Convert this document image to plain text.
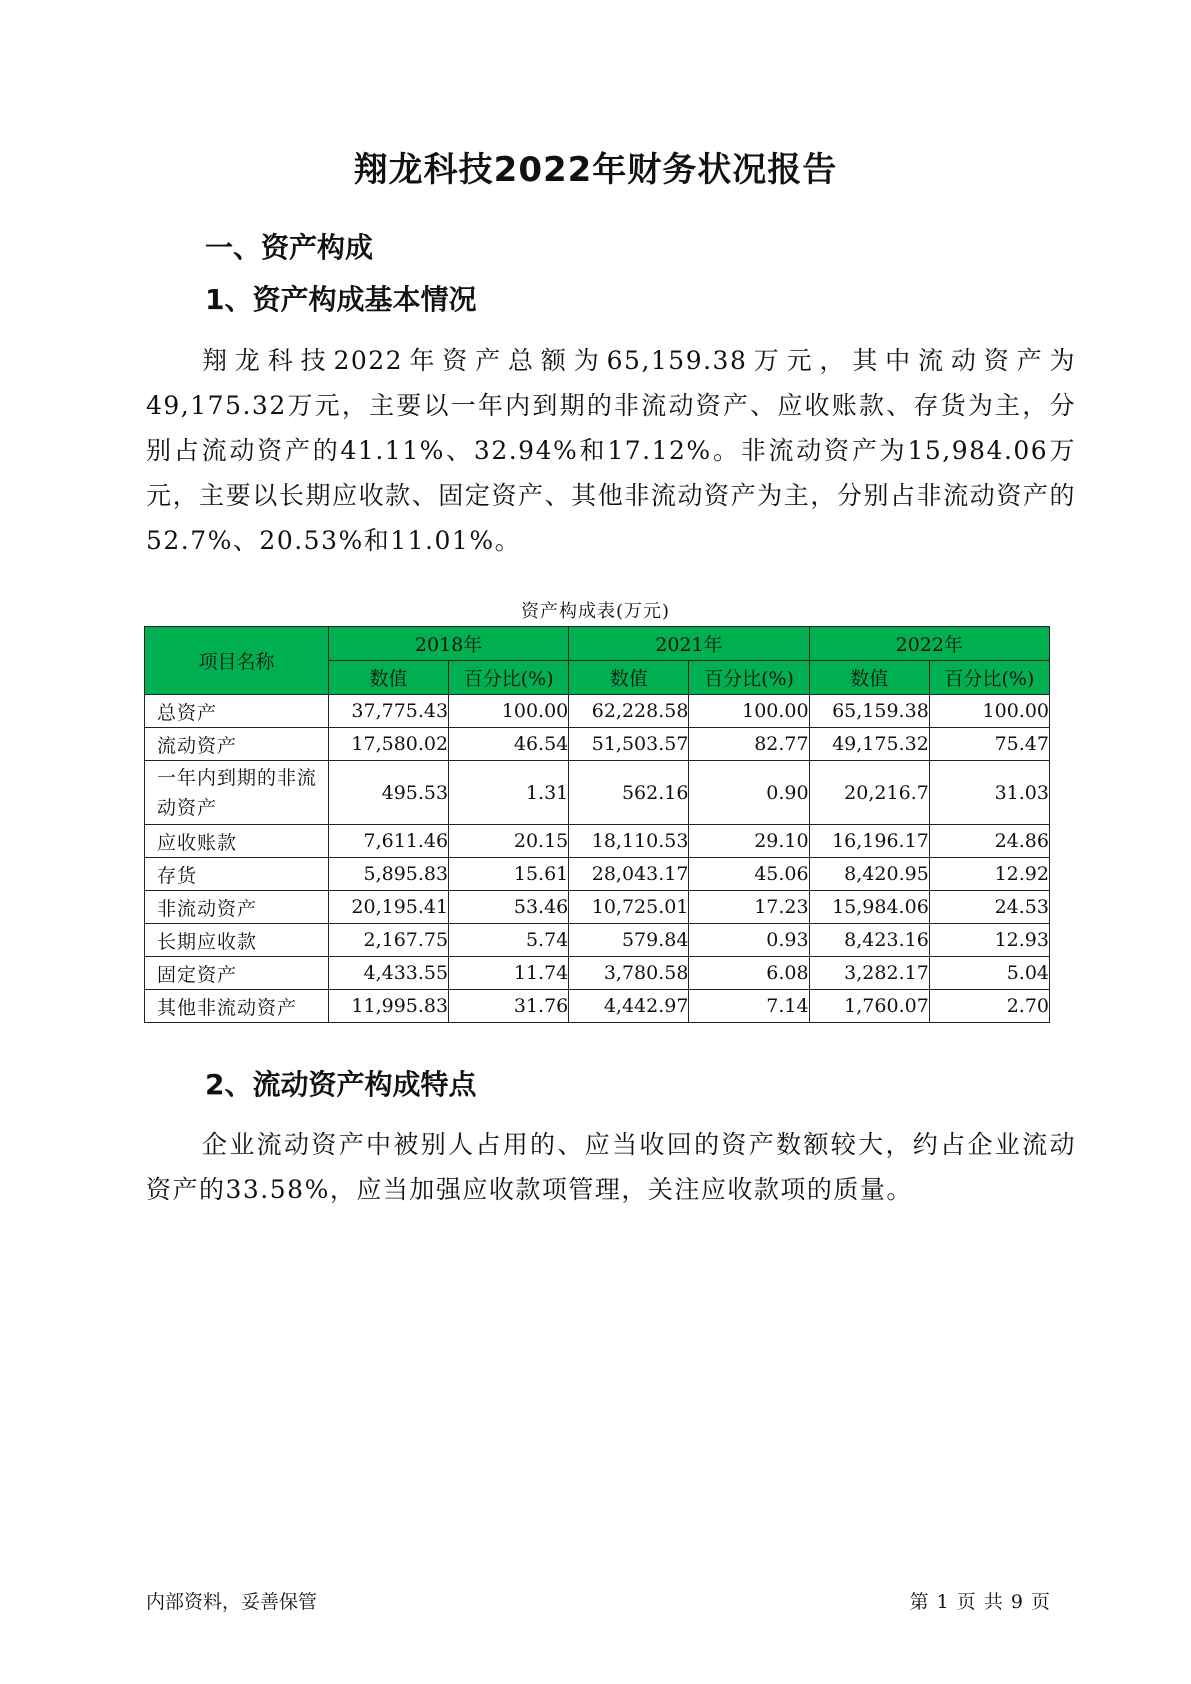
翔龙科技2022年财务状况报告
一、资产构成
1、资产构成基本情况

翔龙科技2022年资产总额为65,159.38万元，其中流动资产为49,175.32万元，主要以一年内到期的非流动资产、应收账款、存货为主，分别占流动资产的41.11%、32.94%和17.12%。非流动资产为15,984.06万元，主要以长期应收款、固定资产、其他非流动资产为主，分别占非流动资产的52.7%、20.53%和11.01%。

资产构成表(万元)
项目名称	2018年		2021年		2022年	
	数值	百分比(%)	数值	百分比(%)	数值	百分比(%)
总资产	37,775.43	100.00	62,228.58	100.00	65,159.38	100.00
流动资产	17,580.02	46.54	51,503.57	82.77	49,175.32	75.47
一年内到期的非流动资产	495.53	1.31	562.16	0.90	20,216.7	31.03
应收账款	7,611.46	20.15	18,110.53	29.10	16,196.17	24.86
存货	5,895.83	15.61	28,043.17	45.06	8,420.95	12.92
非流动资产	20,195.41	53.46	10,725.01	17.23	15,984.06	24.53
长期应收款	2,167.75	5.74	579.84	0.93	8,423.16	12.93
固定资产	4,433.55	11.74	3,780.58	6.08	3,282.17	5.04
其他非流动资产	11,995.83	31.76	4,442.97	7.14	1,760.07	2.70
2、流动资产构成特点

企业流动资产中被别人占用的、应当收回的资产数额较大，约占企业流动资产的33.58%，应当加强应收款项管理，关注应收款项的质量。

内部资料，妥善保管	第 1 页 共 9 页
